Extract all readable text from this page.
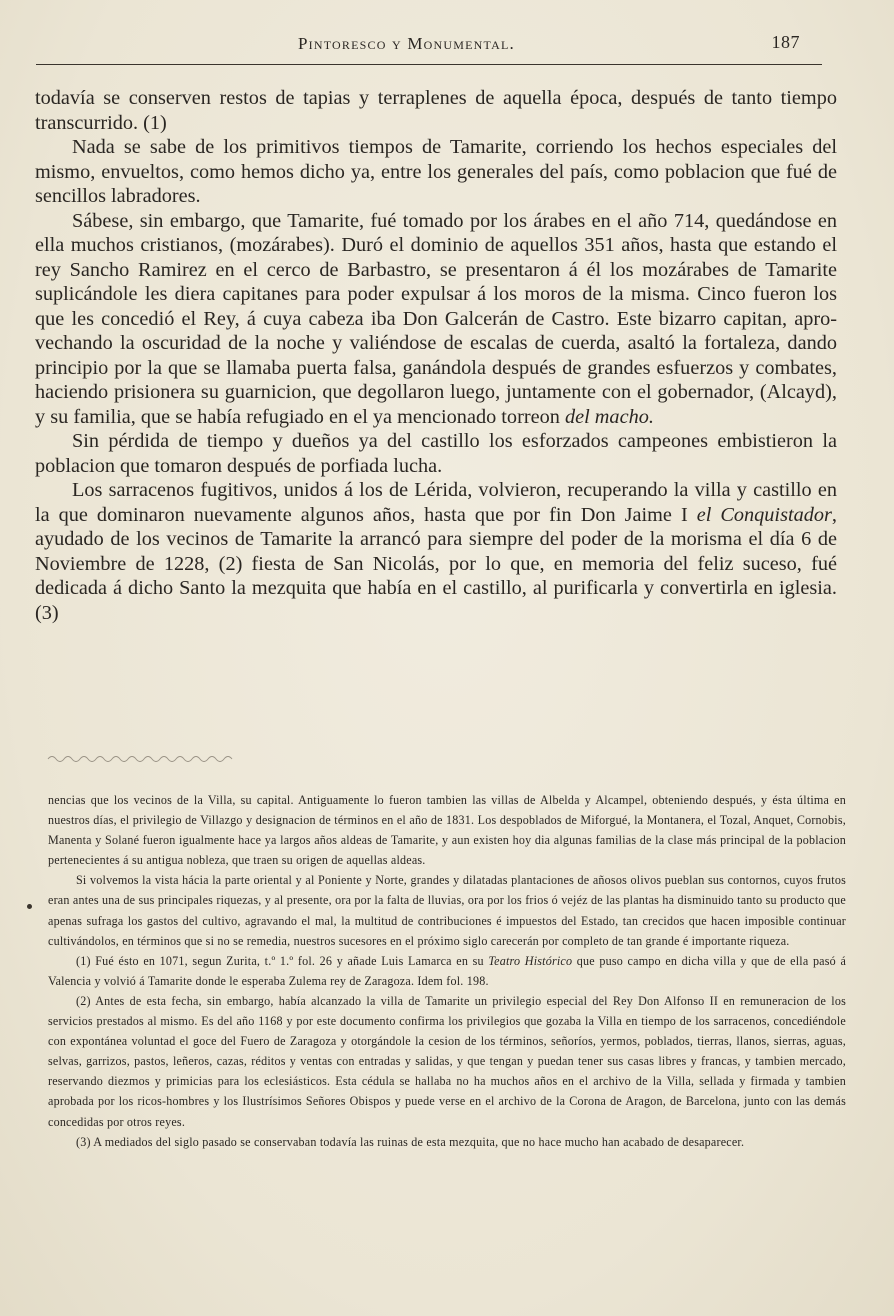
Pintoresco y Monumental.	187

todavía se conserven restos de tapias y terraplenes de aquella época, después de tanto tiempo transcurrido. (1)

Nada se sabe de los primitivos tiempos de Tamarite, corriendo los hechos especiales del mismo, envueltos, como hemos dicho ya, entre los generales del país, como poblacion que fué de sencillos labradores.

Sábese, sin embargo, que Tamarite, fué tomado por los árabes en el año 714, quedándose en ella muchos cristianos, (mozárabes). Duró el dominio de aquellos 351 años, hasta que estando el rey Sancho Ramirez en el cerco de Barbastro, se presentaron á él los mozárabes de Tamarite suplicándole les diera capitanes para poder expulsar á los moros de la misma. Cinco fueron los que les concedió el Rey, á cuya cabeza iba Don Galcerán de Castro. Este bizarro capitan, aprovechando la oscuridad de la noche y valiéndose de escalas de cuerda, asaltó la fortaleza, dando principio por la que se llamaba puerta falsa, ganándola después de grandes esfuerzos y combates, haciendo prisionera su guarnicion, que degollaron luego, juntamente con el gobernador, (Alcayd), y su familia, que se había refugiado en el ya mencionado torreon del macho.

Sin pérdida de tiempo y dueños ya del castillo los esforzados campeones embistieron la poblacion que tomaron después de porfiada lucha.

Los sarracenos fugitivos, unidos á los de Lérida, volvieron, recuperando la villa y castillo en la que dominaron nuevamente algunos años, hasta que por fin Don Jaime I el Conquistador, ayudado de los vecinos de Tamarite la arrancó para siempre del poder de la morisma el día 6 de Noviembre de 1228, (2) fiesta de San Nicolás, por lo que, en memoria del feliz suceso, fué dedicada á dicho Santo la mezquita que había en el castillo, al purificarla y convertirla en iglesia. (3)

nencias que los vecinos de la Villa, su capital. Antiguamente lo fueron tambien las villas de Albelda y Alcampel, obteniendo después, y ésta última en nuestros días, el privilegio de Villazgo y designacion de términos en el año de 1831. Los despoblados de Miforgué, la Montanera, el Tozal, Anquet, Cornobis, Manenta y Solané fueron igualmente hace ya largos años aldeas de Tamarite, y aun existen hoy dia algunas familias de la clase más principal de la poblacion pertenecientes á su antigua nobleza, que traen su origen de aquellas aldeas.

Si volvemos la vista hácia la parte oriental y al Poniente y Norte, grandes y dilatadas plantaciones de añosos olivos pueblan sus contornos, cuyos frutos eran antes una de sus principales riquezas, y al presente, ora por la falta de lluvias, ora por los frios ó vejéz de las plantas ha disminuido tanto su producto que apenas sufraga los gastos del cultivo, agravando el mal, la multitud de contribuciones é impuestos del Estado, tan crecidos que hacen imposible continuar cultivándolos, en términos que si no se remedia, nuestros sucesores en el próximo siglo carecerán por completo de tan grande é importante riqueza.

(1) Fué ésto en 1071, segun Zurita, t.º 1.º fol. 26 y añade Luis Lamarca en su Teatro Histórico que puso campo en dicha villa y que de ella pasó á Valencia y volvió á Tamarite donde le esperaba Zulema rey de Zaragoza. Idem fol. 198.

(2) Antes de esta fecha, sin embargo, había alcanzado la villa de Tamarite un privilegio especial del Rey Don Alfonso II en remuneracion de los servicios prestados al mismo. Es del año 1168 y por este documento confirma los privilegios que gozaba la Villa en tiempo de los sarracenos, concediéndole con expontánea voluntad el goce del Fuero de Zaragoza y otorgándole la cesion de los términos, señoríos, yermos, poblados, tierras, llanos, sierras, aguas, selvas, garrizos, pastos, leñeros, cazas, réditos y ventas con entradas y salidas, y que tengan y puedan tener sus casas libres y francas, y tambien mercado, reservando diezmos y primicias para los eclesiásticos. Esta cédula se hallaba no ha muchos años en el archivo de la Villa, sellada y firmada y tambien aprobada por los ricos-hombres y los Ilustrísimos Señores Obispos y puede verse en el archivo de la Corona de Aragon, de Barcelona, junto con las demás concedidas por otros reyes.

(3) A mediados del siglo pasado se conservaban todavía las ruinas de esta mezquita, que no hace mucho han acabado de desaparecer.
